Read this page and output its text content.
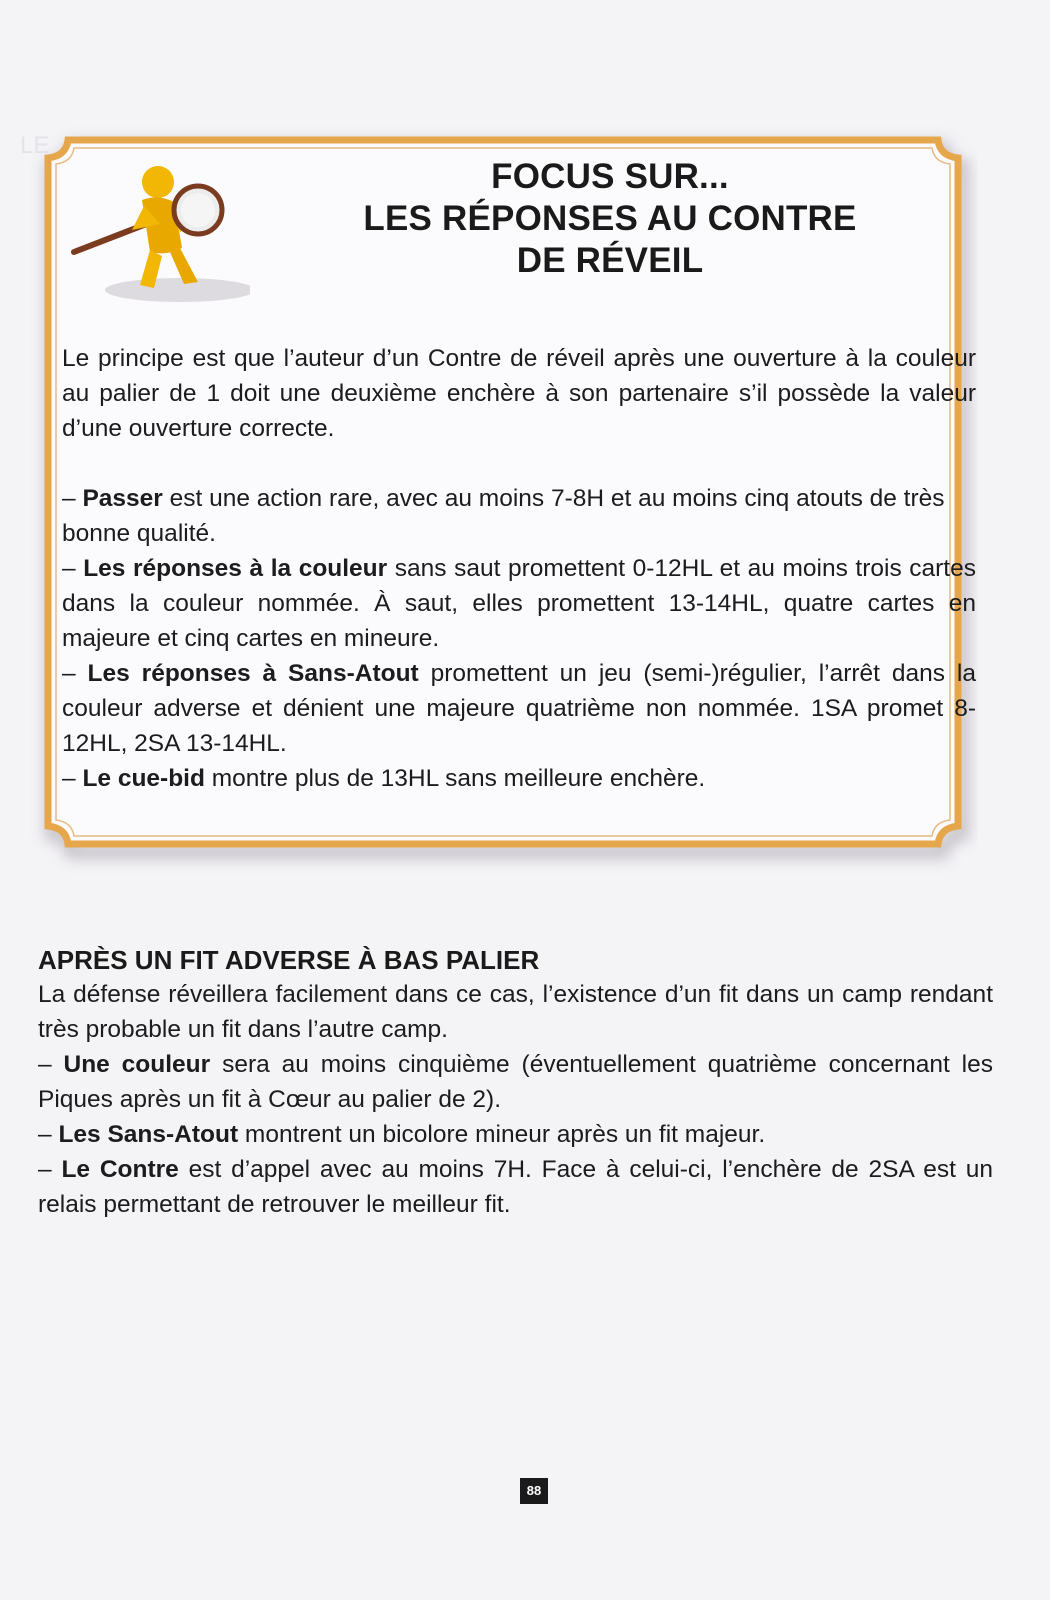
LE
FOCUS SUR...
LES RÉPONSES AU CONTRE
DE RÉVEIL

Le principe est que l’auteur d’un Contre de réveil après une ouverture à la couleur au palier de 1 doit une deuxième enchère à son partenaire s’il possède la valeur d’une ouverture correcte.

– Passer est une action rare, avec au moins 7-8H et au moins cinq atouts de très bonne qualité.

– Les réponses à la couleur sans saut promettent 0-12HL et au moins trois cartes dans la couleur nommée. À saut, elles promettent 13-14HL, quatre cartes en majeure et cinq cartes en mineure.

– Les réponses à Sans-Atout promettent un jeu (semi-)régulier, l’arrêt dans la couleur adverse et dénient une majeure quatrième non nommée. 1SA promet 8-12HL, 2SA 13-14HL.

– Le cue-bid montre plus de 13HL sans meilleure enchère.

APRÈS UN FIT ADVERSE À BAS PALIER

La défense réveillera facilement dans ce cas, l’existence d’un fit dans un camp rendant très probable un fit dans l’autre camp.

– Une couleur sera au moins cinquième (éventuellement quatrième concernant les Piques après un fit à Cœur au palier de 2).

– Les Sans-Atout montrent un bicolore mineur après un fit majeur.

– Le Contre est d’appel avec au moins 7H. Face à celui-ci, l’enchère de 2SA est un relais permettant de retrouver le meilleur fit.

88
